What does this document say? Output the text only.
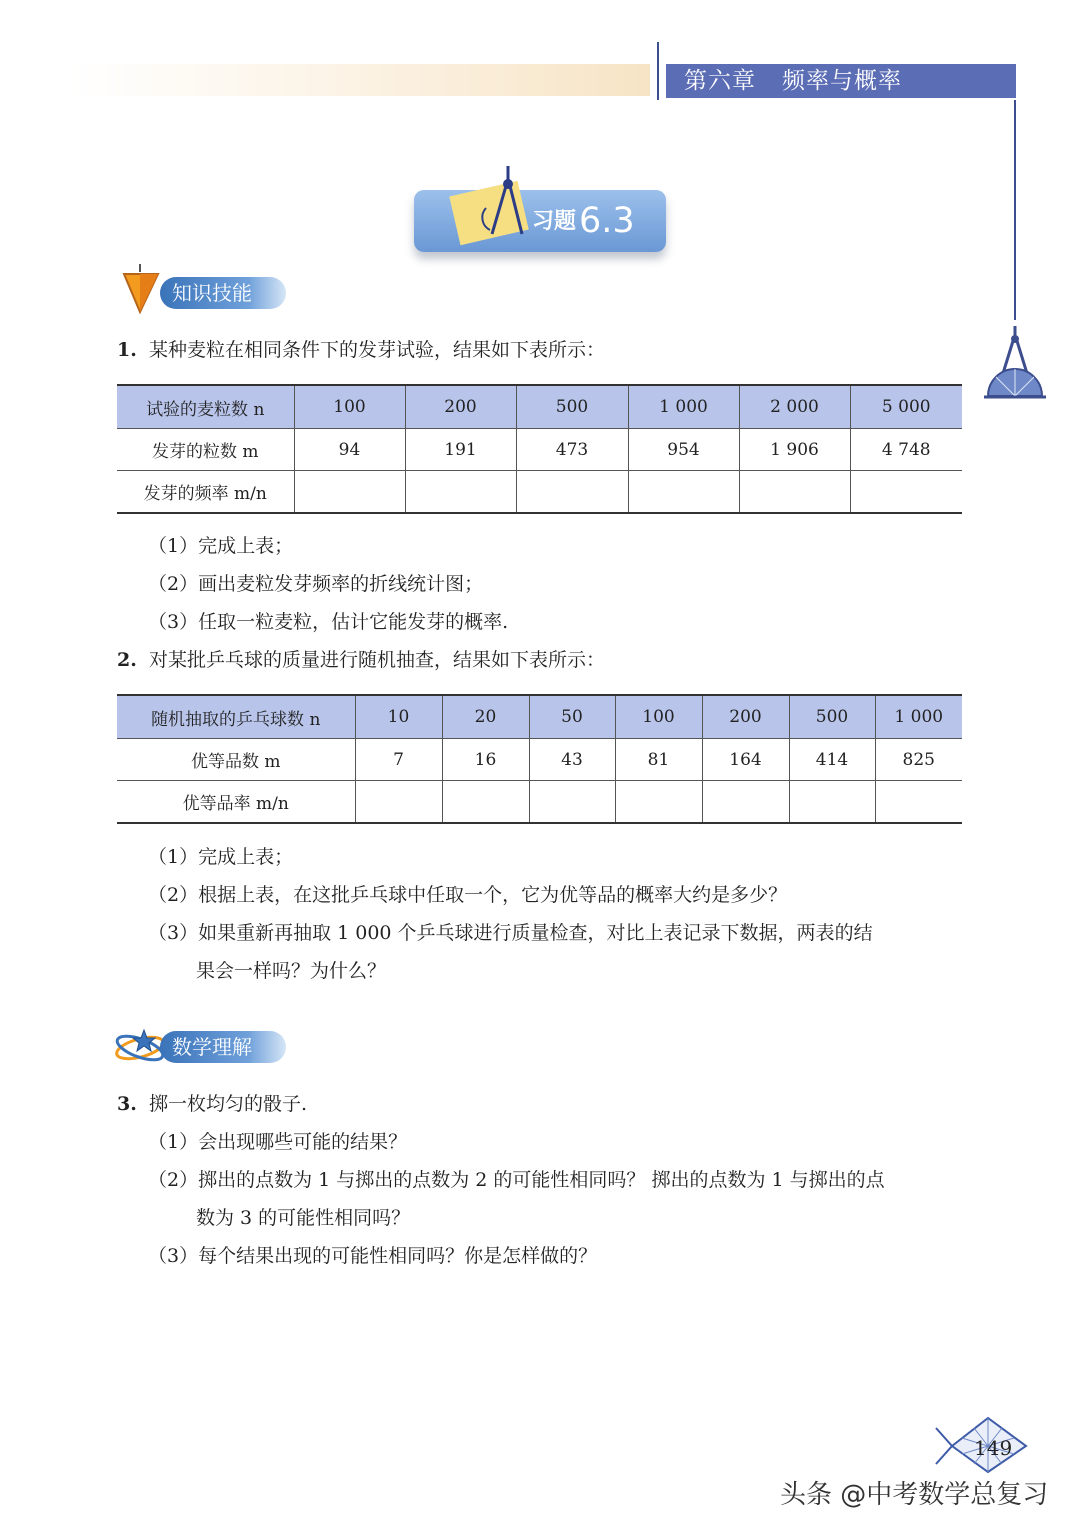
第六章 频率与概率
习题 6.3
知识技能
1. 某种麦粒在相同条件下的发芽试验，结果如下表所示：
试验的麦粒数 n	100	200	500	1 000	2 000	5 000
发芽的粒数 m	94	191	473	954	1 906	4 748
发芽的频率 m/n						
（1）完成上表；
（2）画出麦粒发芽频率的折线统计图；
（3）任取一粒麦粒，估计它能发芽的概率.
2. 对某批乒乓球的质量进行随机抽查，结果如下表所示：
随机抽取的乒乓球数 n	10	20	50	100	200	500	1 000
优等品数 m	7	16	43	81	164	414	825
优等品率 m/n							
（1）完成上表；
（2）根据上表，在这批乒乓球中任取一个，它为优等品的概率大约是多少？
（3）如果重新再抽取 1 000 个乒乓球进行质量检查，对比上表记录下数据，两表的结
果会一样吗？为什么？
数学理解
3. 掷一枚均匀的骰子.
（1）会出现哪些可能的结果？
（2）掷出的点数为 1 与掷出的点数为 2 的可能性相同吗？ 掷出的点数为 1 与掷出的点
数为 3 的可能性相同吗？
（3）每个结果出现的可能性相同吗？你是怎样做的？
149
头条 @中考数学总复习
